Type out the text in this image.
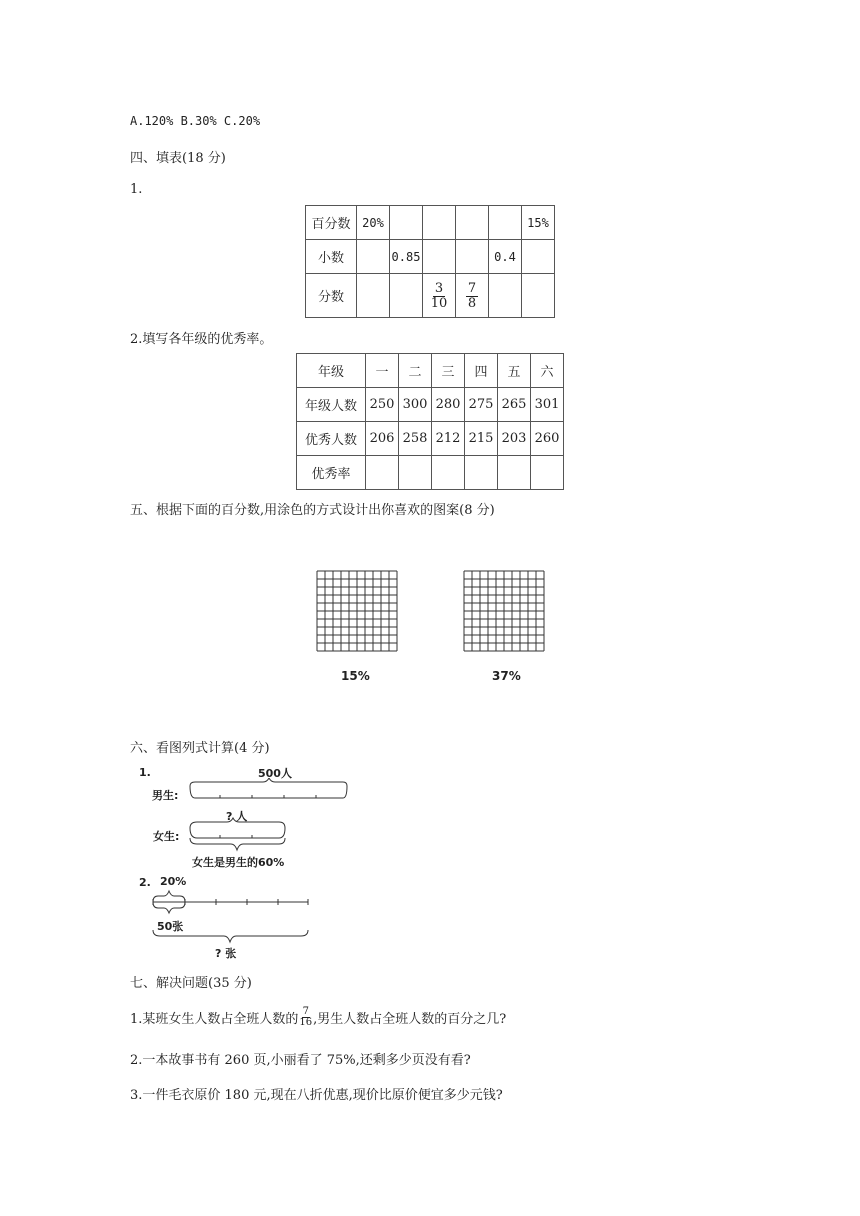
A.120% B.30% C.20%
四、填表(18 分)
1.
百分数	20%					15%
小数		0.85			0.4	
分数			$\frac{3}{10}$	$\frac{7}{8}$

2.填写各年级的优秀率。
年级	一	二	三	四	五	六
年级人数	250	300	280	275	265	301
优秀人数	206	258	212	215	203	260
优秀率						
五、根据下面的百分数,用涂色的方式设计出你喜欢的图案(8 分)
15%	37%
六、看图列式计算(4 分)
1.	500人
男生:
? 人
女生:
女生是男生的60%
2. 20%
50张
? 张
七、解决问题(35 分)
1.某班女生人数占全班人数的 $\frac{7}{16}$ ,男生人数占全班人数的百分之几?
2.一本故事书有 260 页,小丽看了 75%,还剩多少页没有看?
3.一件毛衣原价 180 元,现在八折优惠,现价比原价便宜多少元钱?
